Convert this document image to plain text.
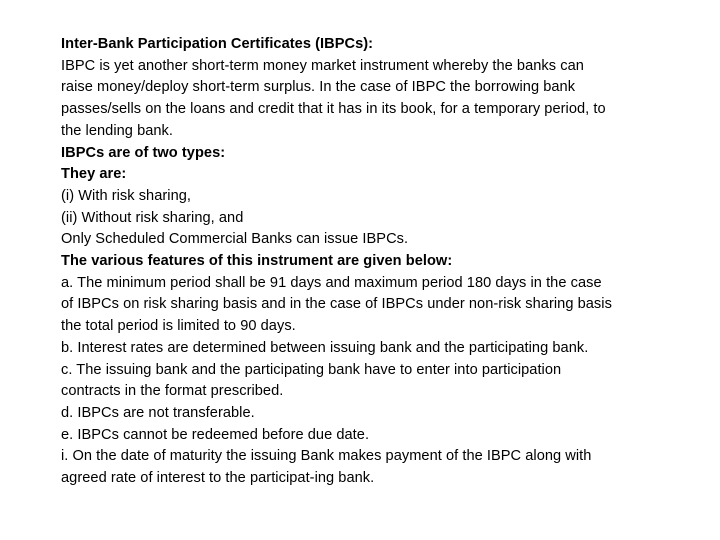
Inter-Bank Participation Certificates (IBPCs):
IBPC is yet another short-term money market instrument whereby the banks can
raise money/deploy short-term surplus. In the case of IBPC the borrowing bank
passes/sells on the loans and credit that it has in its book, for a temporary period, to
the lending bank.
IBPCs are of two types:
They are:
(i) With risk sharing,
(ii) Without risk sharing, and
Only Scheduled Commercial Banks can issue IBPCs.
The various features of this instrument are given below:
a. The minimum period shall be 91 days and maximum period 180 days in the case
of IBPCs on risk sharing basis and in the case of IBPCs under non-risk sharing basis
the total period is limited to 90 days.
b. Interest rates are determined between issuing bank and the participating bank.
c. The issuing bank and the participating bank have to enter into participation
contracts in the format prescribed.
d. IBPCs are not transferable.
e. IBPCs cannot be redeemed before due date.
i. On the date of maturity the issuing Bank makes payment of the IBPC along with
agreed rate of interest to the participat-ing bank.
